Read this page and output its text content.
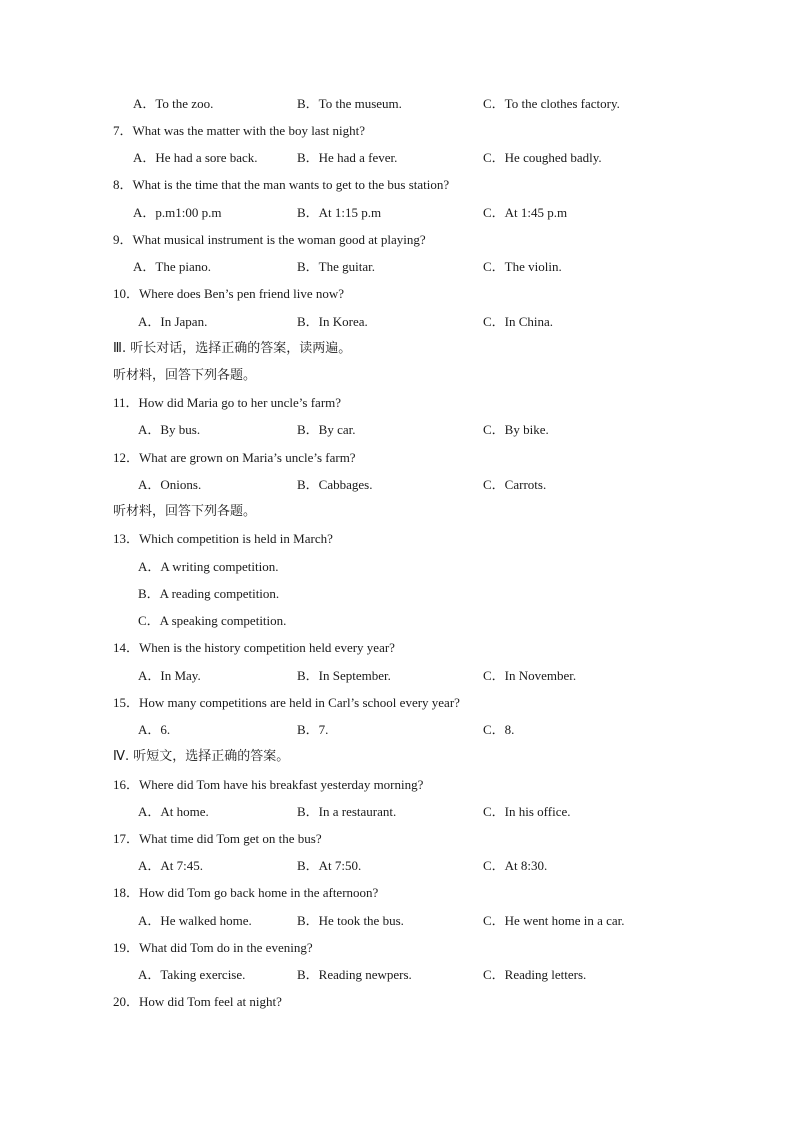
A．To the zoo.	B．To the museum.	C．To the clothes factory.
7．What was the matter with the boy last night?
A．He had a sore back.	B．He had a fever.	C．He coughed badly.
8．What is the time that the man wants to get to the bus station?
A．p.m1:00 p.m	B．At 1:15 p.m	C．At 1:45 p.m
9．What musical instrument is the woman good at playing?
A．The piano.	B．The guitar.	C．The violin.
10．Where does Ben’s pen friend live now?
A．In Japan.	B．In Korea.	C．In China.
Ⅲ. 听长对话，选择正确的答案，读两遍。
听材料，回答下列各题。
11．How did Maria go to her uncle’s farm?
A．By bus.	B．By car.	C．By bike.
12．What are grown on Maria’s uncle’s farm?
A．Onions.	B．Cabbages.	C．Carrots.
听材料，回答下列各题。
13．Which competition is held in March?
A．A writing competition.
B．A reading competition.
C．A speaking competition.
14．When is the history competition held every year?
A．In May.	B．In September.	C．In November.
15．How many competitions are held in Carl’s school every year?
A．6.	B．7.	C．8.
Ⅳ. 听短文，选择正确的答案。
16．Where did Tom have his breakfast yesterday morning?
A．At home.	B．In a restaurant.	C．In his office.
17．What time did Tom get on the bus?
A．At 7:45.	B．At 7:50.	C．At 8:30.
18．How did Tom go back home in the afternoon?
A．He walked home.	B．He took the bus.	C．He went home in a car.
19．What did Tom do in the evening?
A．Taking exercise.	B．Reading newpers.	C．Reading letters.
20．How did Tom feel at night?
